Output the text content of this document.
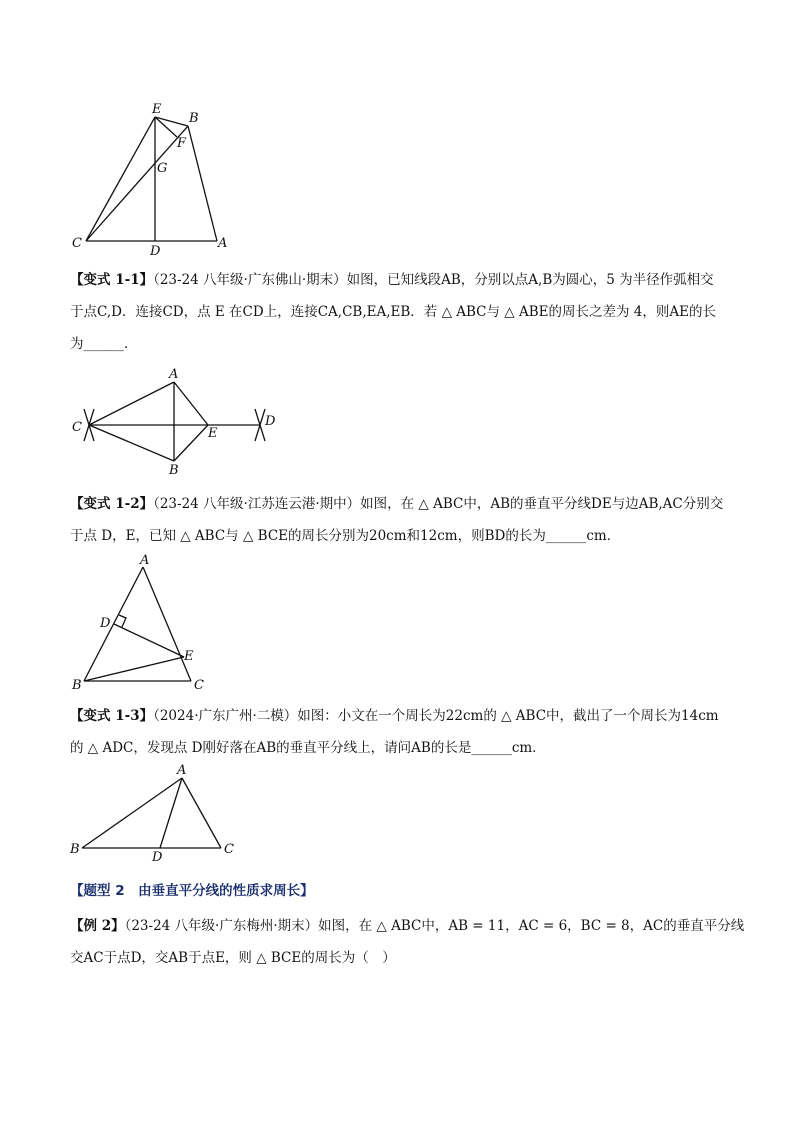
E
B
F
G
C
D
A
【变式 1-1】（23-24 八年级·广东佛山·期末）如图，已知线段AB，分别以点A,B为圆心，5 为半径作弧相交
于点C,D．连接CD，点 E 在CD上，连接CA,CB,EA,EB．若 △ ABC与 △ ABE的周长之差为 4，则AE的长
为______．
A
C	E
D
B
【变式 1-2】（23-24 八年级·江苏连云港·期中）如图，在 △ ABC中，AB的垂直平分线DE与边AB,AC分别交
于点 D，E，已知 △ ABC与 △ BCE的周长分别为20cm和12cm，则BD的长为______cm．
A
D
E
B	C
【变式 1-3】（2024·广东广州·二模）如图：小文在一个周长为22cm的 △ ABC中，截出了一个周长为14cm
的 △ ADC，发现点 D刚好落在AB的垂直平分线上，请问AB的长是______cm．
A
B
D
C
【题型 2　由垂直平分线的性质求周长】
【例 2】（23-24 八年级·广东梅州·期末）如图，在 △ ABC中，AB = 11，AC = 6，BC = 8，AC的垂直平分线
交AC于点D，交AB于点E，则 △ BCE的周长为（　）
